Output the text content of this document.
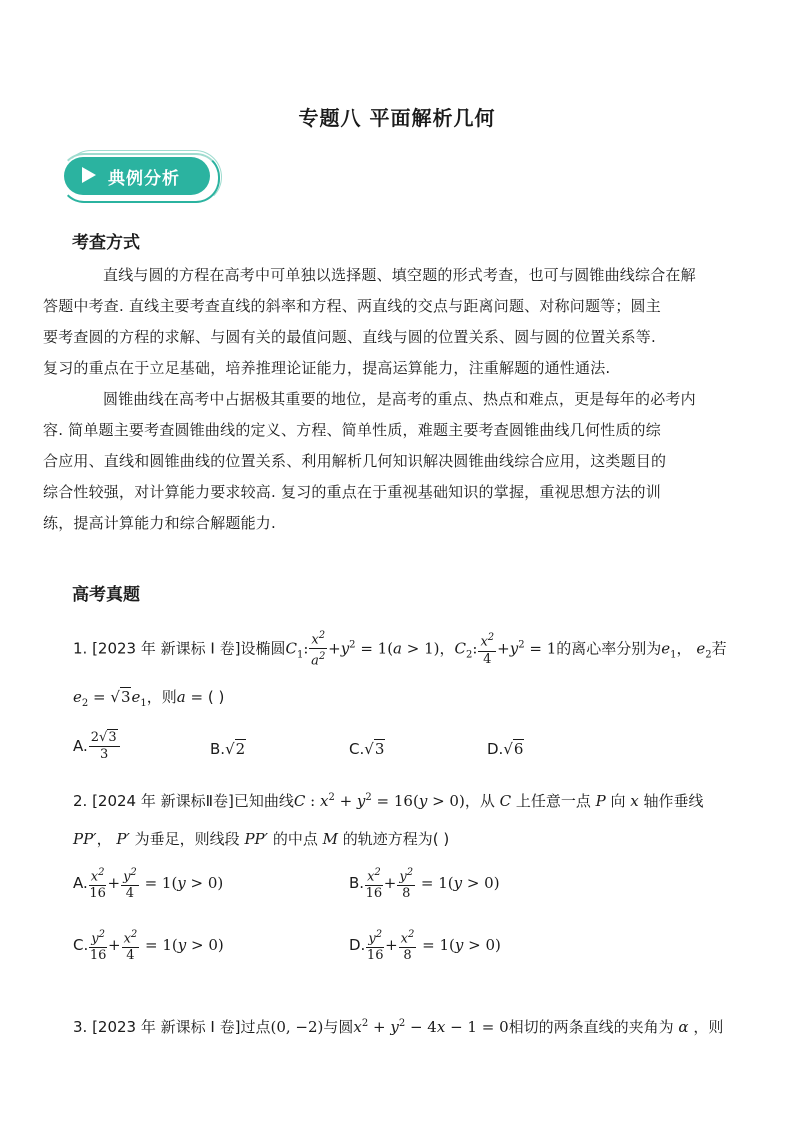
专题八 平面解析几何
典例分析
考查方式
直线与圆的方程在高考中可单独以选择题、填空题的形式考查，也可与圆锥曲线综合在解
答题中考查. 直线主要考查直线的斜率和方程、两直线的交点与距离问题、对称问题等；圆主
要考查圆的方程的求解、与圆有关的最值问题、直线与圆的位置关系、圆与圆的位置关系等.
复习的重点在于立足基础，培养推理论证能力，提高运算能力，注重解题的通性通法.
圆锥曲线在高考中占据极其重要的地位，是高考的重点、热点和难点，更是每年的必考内
容. 简单题主要考查圆锥曲线的定义、方程、简单性质，难题主要考查圆锥曲线几何性质的综
合应用、直线和圆锥曲线的位置关系、利用解析几何知识解决圆锥曲线综合应用，这类题目的
综合性较强，对计算能力要求较高. 复习的重点在于重视基础知识的掌握，重视思想方法的训
练，提高计算能力和综合解题能力.
高考真题
1. [2023 年 新课标 I 卷]设椭圆$C_1$: $\frac{x^2}{a^2} +y^2 = 1(a > 1)$，$C_2$: $\frac{x^2}{4} +y^2 = 1$的离心率分别为$e_1$， $e_2$若
$e_2 = √3e_1$，则a = ( )
A. $\frac{2√3}{3}$	B.√2	C.√3	D.√6
2. [2024 年 新课标Ⅱ卷]已知曲线C : $x^2 + y^2 = 16(y > 0)$，从 C 上任意一点 P 向 x 轴作垂线
PP′， P′ 为垂足，则线段 PP′ 的中点 M 的轨迹方程为( )
A. $\frac{x^2}{16} + \frac{y^2}{4} = 1(y > 0)$	B. $\frac{x^2}{16} + \frac{y^2}{8} = 1(y > 0)$
C. $\frac{y^2}{16} + \frac{x^2}{4} = 1(y > 0)$	D. $\frac{y^2}{16} + \frac{x^2}{8} = 1(y > 0)$
3. [2023 年 新课标 I 卷]过点(0, −2)与圆$x^2 + y^2 - 4x - 1 = 0$相切的两条直线的夹角为 α ，则
